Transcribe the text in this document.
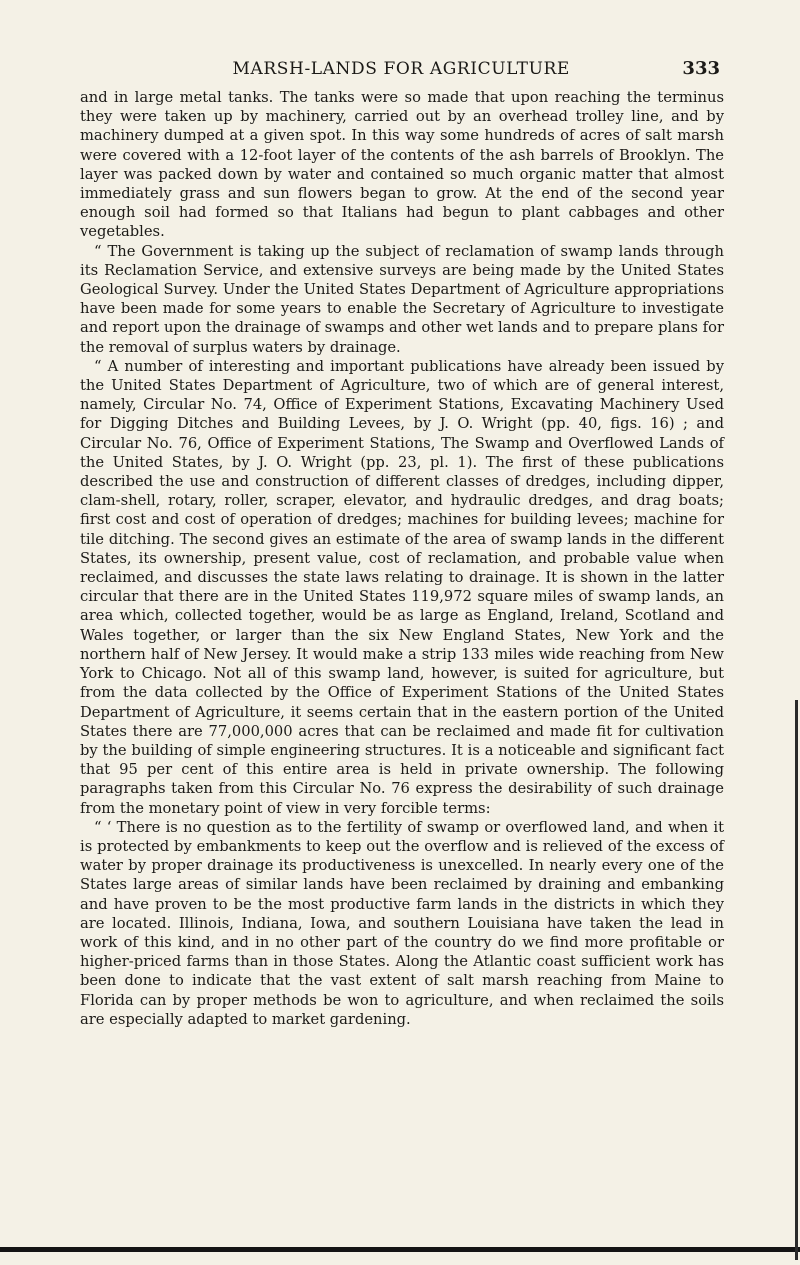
MARSH-LANDS FOR AGRICULTURE	333

and in large metal tanks. The tanks were so made that upon reaching the terminus they were taken up by machinery, carried out by an overhead trolley line, and by machinery dumped at a given spot. In this way some hundreds of acres of salt marsh were covered with a 12-foot layer of the contents of the ash barrels of Brooklyn. The layer was packed down by water and contained so much organic matter that almost immediately grass and sun flowers began to grow. At the end of the second year enough soil had formed so that Italians had begun to plant cabbages and other vegetables.

“ The Government is taking up the subject of reclamation of swamp lands through its Reclamation Service, and extensive surveys are being made by the United States Geological Survey. Under the United States Department of Agriculture appropriations have been made for some years to enable the Secretary of Agriculture to investigate and report upon the drainage of swamps and other wet lands and to prepare plans for the removal of surplus waters by drainage.

“ A number of interesting and important publications have already been issued by the United States Department of Agriculture, two of which are of general interest, namely, Circular No. 74, Office of Experiment Stations, Excavating Machinery Used for Digging Ditches and Building Levees, by J. O. Wright (pp. 40, figs. 16) ; and Circular No. 76, Office of Experiment Stations, The Swamp and Overflowed Lands of the United States, by J. O. Wright (pp. 23, pl. 1). The first of these publications described the use and construction of different classes of dredges, including dipper, clam-shell, rotary, roller, scraper, elevator, and hydraulic dredges, and drag boats; first cost and cost of operation of dredges; machines for building levees; machine for tile ditching. The second gives an estimate of the area of swamp lands in the different States, its ownership, present value, cost of reclamation, and probable value when reclaimed, and discusses the state laws relating to drainage. It is shown in the latter circular that there are in the United States 119,972 square miles of swamp lands, an area which, collected together, would be as large as England, Ireland, Scotland and Wales together, or larger than the six New England States, New York and the northern half of New Jersey. It would make a strip 133 miles wide reaching from New York to Chicago. Not all of this swamp land, however, is suited for agriculture, but from the data collected by the Office of Experiment Stations of the United States Department of Agriculture, it seems certain that in the eastern portion of the United States there are 77,000,000 acres that can be reclaimed and made fit for cultivation by the building of simple engineering structures. It is a noticeable and significant fact that 95 per cent of this entire area is held in private ownership. The following paragraphs taken from this Circular No. 76 express the desirability of such drainage from the monetary point of view in very forcible terms:

“ ‘ There is no question as to the fertility of swamp or overflowed land, and when it is protected by embankments to keep out the overflow and is relieved of the excess of water by proper drainage its productiveness is unexcelled. In nearly every one of the States large areas of similar lands have been reclaimed by draining and embanking and have proven to be the most productive farm lands in the districts in which they are located. Illinois, Indiana, Iowa, and southern Louisiana have taken the lead in work of this kind, and in no other part of the country do we find more profitable or higher-priced farms than in those States. Along the Atlantic coast sufficient work has been done to indicate that the vast extent of salt marsh reaching from Maine to Florida can by proper methods be won to agriculture, and when reclaimed the soils are especially adapted to market gardening.
